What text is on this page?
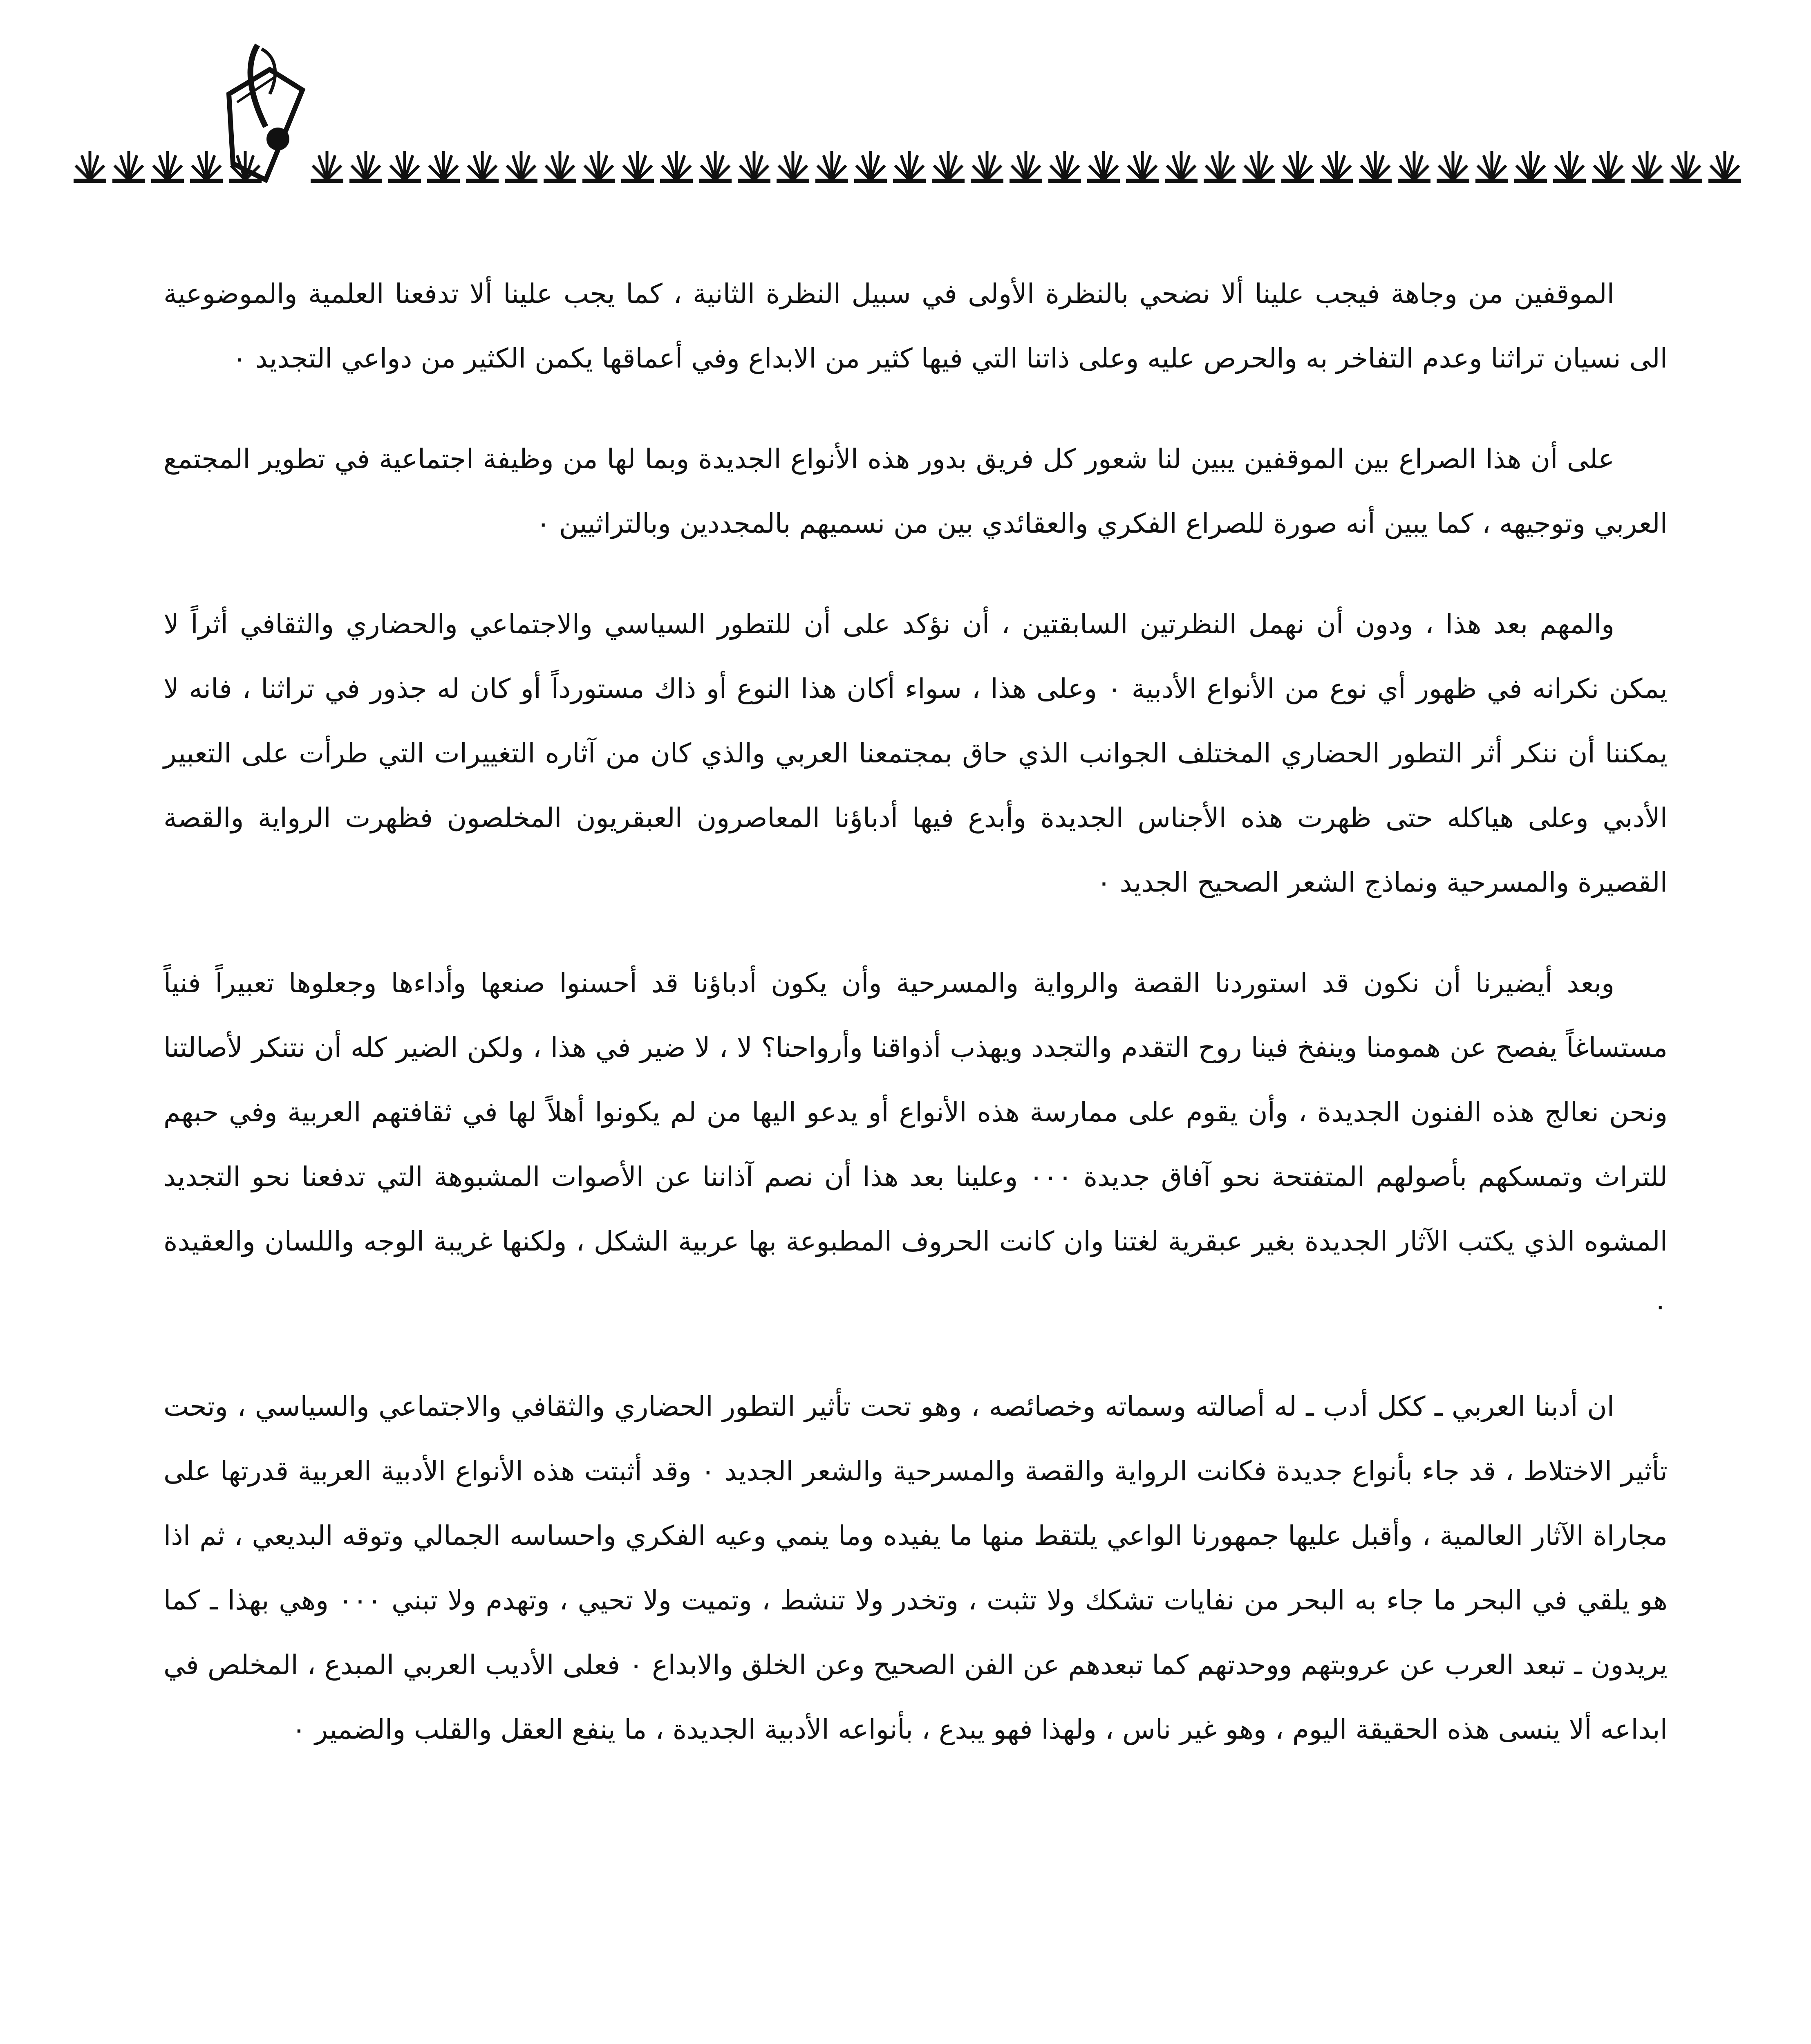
الموقفين من وجاهة فيجب علينا ألا نضحي بالنظرة الأولى في سبيل النظرة الثانية ، كما يجب علينا ألا تدفعنا العلمية والموضوعية الى نسيان تراثنا وعدم التفاخر به والحرص عليه وعلى ذاتنا التي فيها كثير من الابداع وفي أعماقها يكمن الكثير من دواعي التجديد ٠

على أن هذا الصراع بين الموقفين يبين لنا شعور كل فريق بدور هذه الأنواع الجديدة وبما لها من وظيفة اجتماعية في تطوير المجتمع العربي وتوجيهه ، كما يبين أنه صورة للصراع الفكري والعقائدي بين من نسميهم بالمجددين وبالتراثيين ٠

والمهم بعد هذا ، ودون أن نهمل النظرتين السابقتين ، أن نؤكد على أن للتطور السياسي والاجتماعي والحضاري والثقافي أثراً لا يمكن نكرانه في ظهور أي نوع من الأنواع الأدبية ٠ وعلى هذا ، سواء أكان هذا النوع أو ذاك مستورداً أو كان له جذور في تراثنا ، فانه لا يمكننا أن ننكر أثر التطور الحضاري المختلف الجوانب الذي حاق بمجتمعنا العربي والذي كان من آثاره التغييرات التي طرأت على التعبير الأدبي وعلى هياكله حتى ظهرت هذه الأجناس الجديدة وأبدع فيها أدباؤنا المعاصرون العبقريون المخلصون فظهرت الرواية والقصة القصيرة والمسرحية ونماذج الشعر الصحيح الجديد ٠

وبعد أيضيرنا أن نكون قد استوردنا القصة والرواية والمسرحية وأن يكون أدباؤنا قد أحسنوا صنعها وأداءها وجعلوها تعبيراً فنياً مستساغاً يفصح عن همومنا وينفخ فينا روح التقدم والتجدد ويهذب أذواقنا وأرواحنا؟ لا ، لا ضير في هذا ، ولكن الضير كله أن نتنكر لأصالتنا ونحن نعالج هذه الفنون الجديدة ، وأن يقوم على ممارسة هذه الأنواع أو يدعو اليها من لم يكونوا أهلاً لها في ثقافتهم العربية وفي حبهم للتراث وتمسكهم بأصولهم المتفتحة نحو آفاق جديدة ٠٠٠ وعلينا بعد هذا أن نصم آذاننا عن الأصوات المشبوهة التي تدفعنا نحو التجديد المشوه الذي يكتب الآثار الجديدة بغير عبقرية لغتنا وان كانت الحروف المطبوعة بها عربية الشكل ، ولكنها غريبة الوجه واللسان والعقيدة ٠

ان أدبنا العربي ـ ككل أدب ـ له أصالته وسماته وخصائصه ، وهو تحت تأثير التطور الحضاري والثقافي والاجتماعي والسياسي ، وتحت تأثير الاختلاط ، قد جاء بأنواع جديدة فكانت الرواية والقصة والمسرحية والشعر الجديد ٠ وقد أثبتت هذه الأنواع الأدبية العربية قدرتها على مجاراة الآثار العالمية ، وأقبل عليها جمهورنا الواعي يلتقط منها ما يفيده وما ينمي وعيه الفكري واحساسه الجمالي وتوقه البديعي ، ثم اذا هو يلقي في البحر ما جاء به البحر من نفايات تشكك ولا تثبت ، وتخدر ولا تنشط ، وتميت ولا تحيي ، وتهدم ولا تبني ٠٠٠ وهي بهذا ـ كما يريدون ـ تبعد العرب عن عروبتهم ووحدتهم كما تبعدهم عن الفن الصحيح وعن الخلق والابداع ٠ فعلى الأديب العربي المبدع ، المخلص في ابداعه ألا ينسى هذه الحقيقة اليوم ، وهو غير ناس ، ولهذا فهو يبدع ، بأنواعه الأدبية الجديدة ، ما ينفع العقل والقلب والضمير ٠
